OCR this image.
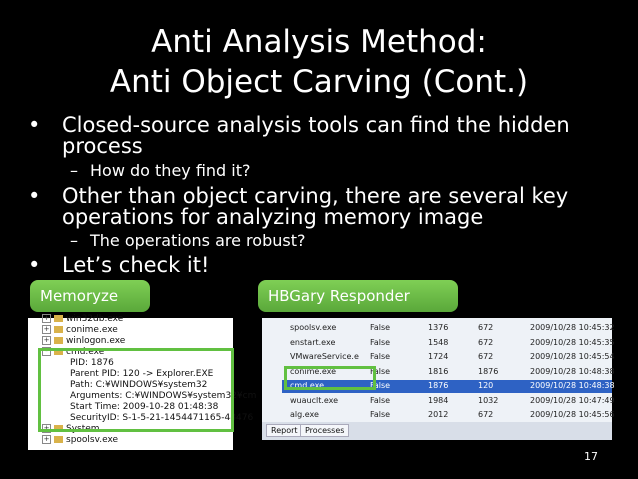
Anti Analysis Method:
Anti Object Carving (Cont.)
• Closed-source analysis tools can find the hidden
process
– How do they find it?
• Other than object carving, there are several key
operations for analyzing memory image
– The operations are robust?
• Let’s check it!
Memoryze	HBGary Responder
+ win32db.exe
+ conime.exe
+ winlogon.exe
- cmd.exe
PID: 1876
Parent PID: 120 -> Explorer.EXE
Path: C:¥WINDOWS¥system32
Arguments: C:¥WINDOWS¥system32¥cm
Start Time: 2009-10-28 01:48:38
SecurityID: S-1-5-21-1454471165-48476
+ System
+ spoolsv.exe
spoolsv.exe	False	1376	672	2009/10/28 10:45:32
enstart.exe	False	1548	672	2009/10/28 10:45:35
VMwareService.e False	1724	672	2009/10/28 10:45:54
conime.exe	False	1816	1876	2009/10/28 10:48:38
cmd.exe	False	1876	120	2009/10/28 10:48:38
wuauclt.exe	False	1984	1032	2009/10/28 10:47:49
alg.exe	False	2012	672	2009/10/28 10:45:56
Report Processes
17
